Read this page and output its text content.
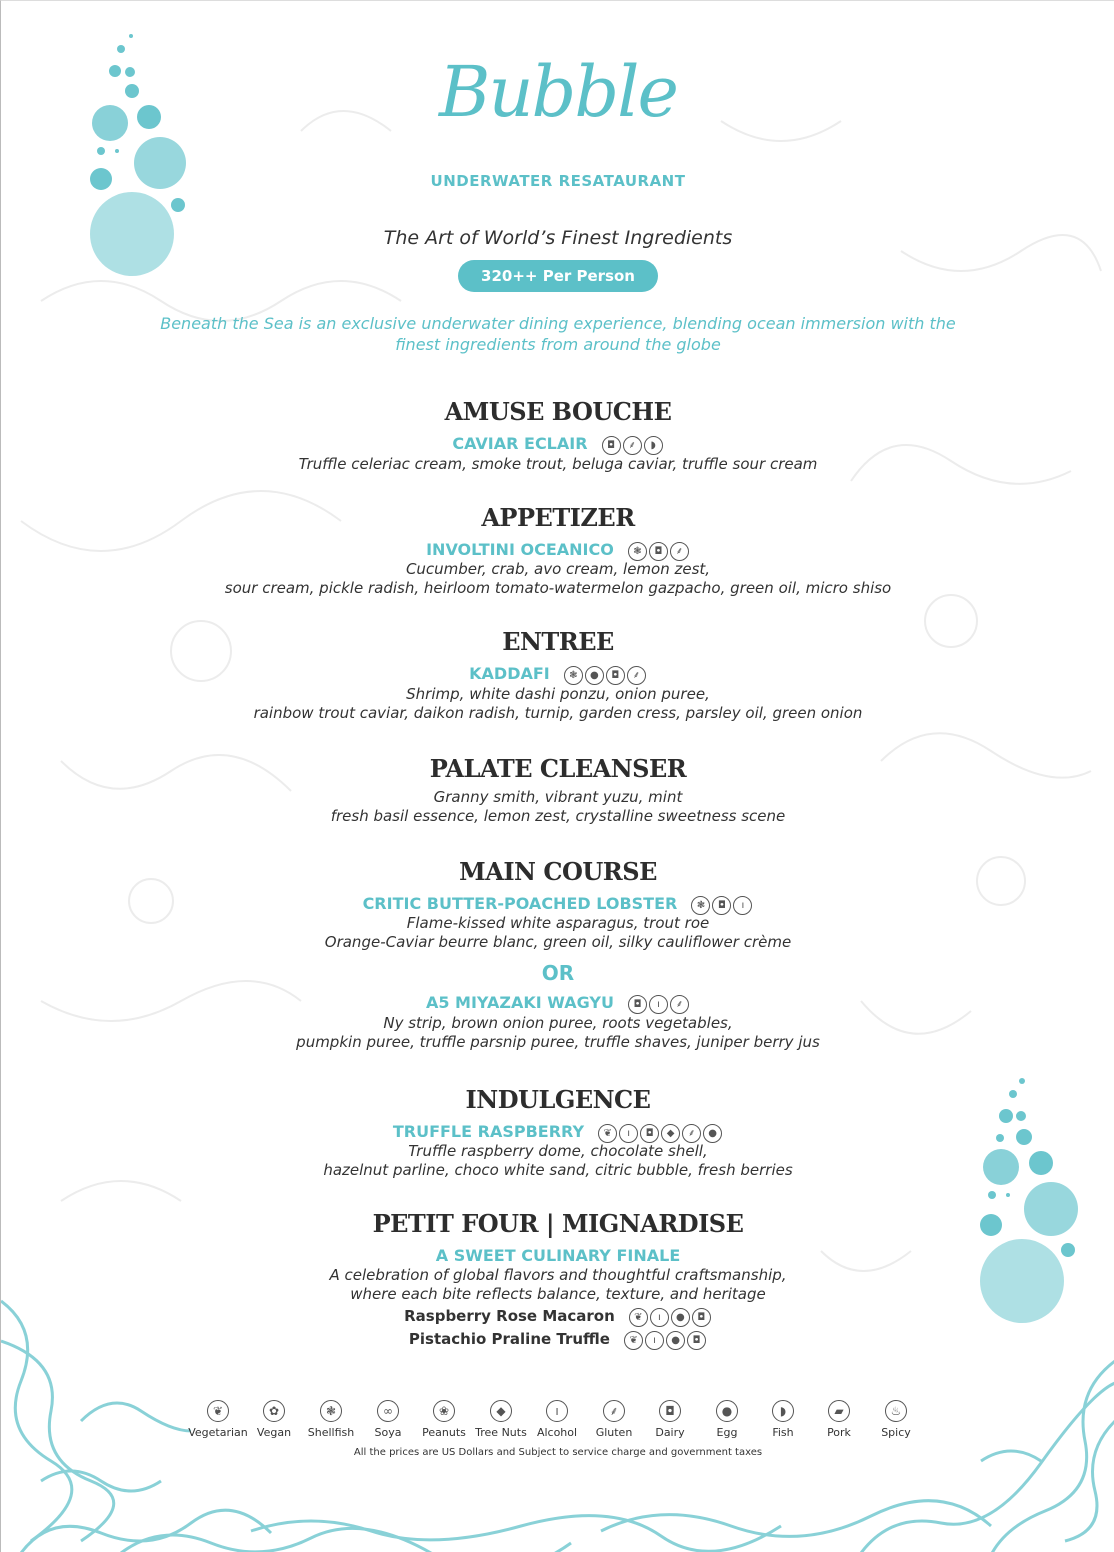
Bubble
UNDERWATER RESATAURANT
The Art of World’s Finest Ingredients
320++ Per Person
Beneath the Sea is an exclusive underwater dining experience, blending ocean immersion with the
finest ingredients from around the globe
AMUSE BOUCHE
CAVIAR ECLAIR ◘ ⸙ ◗
Truffle celeriac cream, smoke trout, beluga caviar, truffle sour cream
APPETIZER
INVOLTINI OCEANICO ❃ ◘ ⸙
Cucumber, crab, avo cream, lemon zest,
sour cream, pickle radish, heirloom tomato-watermelon gazpacho, green oil, micro shiso
ENTREE
KADDAFI ❃ ● ◘ ⸙
Shrimp, white dashi ponzu, onion puree,
rainbow trout caviar, daikon radish, turnip, garden cress, parsley oil, green onion
PALATE CLEANSER
Granny smith, vibrant yuzu, mint
fresh basil essence, lemon zest, crystalline sweetness scene
MAIN COURSE
CRITIC BUTTER-POACHED LOBSTER ❃ ◘ ı
Flame-kissed white asparagus, trout roe
Orange-Caviar beurre blanc, green oil, silky cauliflower crème
OR
A5 MIYAZAKI WAGYU ◘ ı ⸙
Ny strip, brown onion puree, roots vegetables,
pumpkin puree, truffle parsnip puree, truffle shaves, juniper berry jus
INDULGENCE
TRUFFLE RASPBERRY ❦ ı ◘ ◆ ⸙ ●
Truffle raspberry dome, chocolate shell,
hazelnut parline, choco white sand, citric bubble, fresh berries
PETIT FOUR | MIGNARDISE
A SWEET CULINARY FINALE
A celebration of global flavors and thoughtful craftsmanship,
where each bite reflects balance, texture, and heritage
Raspberry Rose Macaron ❦ ı ● ◘
Pistachio Praline Truffle ❦ ı ● ◘
❦
Vegetarian
✿
Vegan
❃
Shellfish
∞
Soya
❀
Peanuts
◆
Tree Nuts
ı
Alcohol
⸙
Gluten
◘
Dairy
●
Egg
◗
Fish
▰
Pork
♨
Spicy
All the prices are US Dollars and Subject to service charge and government taxes
